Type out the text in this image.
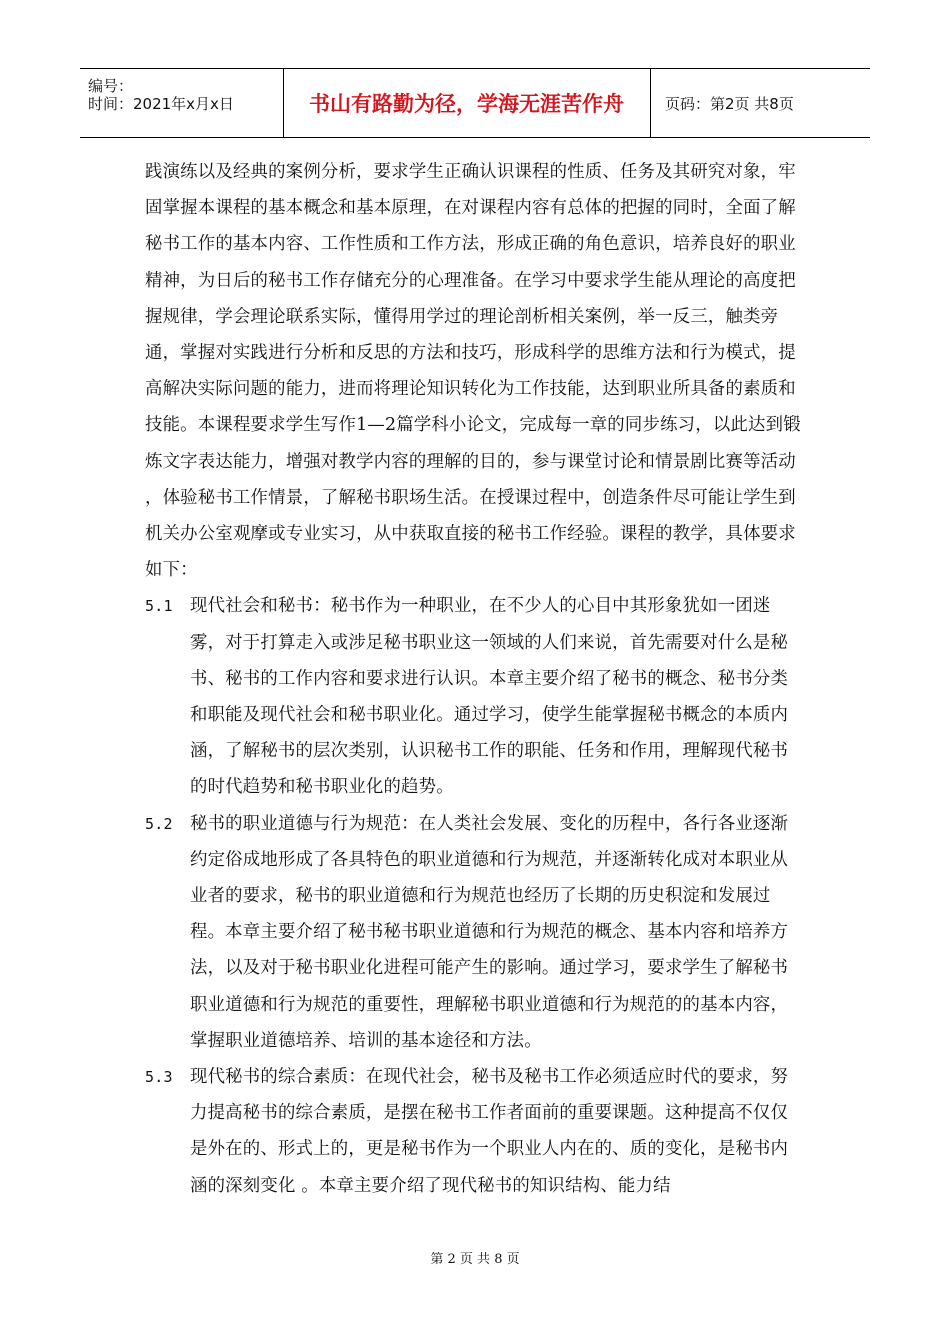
编号：
时间：2021年x月x日	书山有路勤为径，学海无涯苦作舟	页码：第2页 共8页

践演练以及经典的案例分析，要求学生正确认识课程的性质、任务及其研究对象，牢固掌握本课程的基本概念和基本原理，在对课程内容有总体的把握的同时，全面了解秘书工作的基本内容、工作性质和工作方法，形成正确的角色意识，培养良好的职业精神，为日后的秘书工作存储充分的心理准备。在学习中要求学生能从理论的高度把握规律，学会理论联系实际，懂得用学过的理论剖析相关案例，举一反三，触类旁通，掌握对实践进行分析和反思的方法和技巧，形成科学的思维方法和行为模式，提高解决实际问题的能力，进而将理论知识转化为工作技能，达到职业所具备的素质和技能。本课程要求学生写作1—2篇学科小论文，完成每一章的同步练习，以此达到锻炼文字表达能力，增强对教学内容的理解的目的，参与课堂讨论和情景剧比赛等活动 ，体验秘书工作情景，了解秘书职场生活。在授课过程中，创造条件尽可能让学生到机关办公室观摩或专业实习，从中获取直接的秘书工作经验。课程的教学，具体要求如下：

5.1 现代社会和秘书：秘书作为一种职业，在不少人的心目中其形象犹如一团迷雾，对于打算走入或涉足秘书职业这一领域的人们来说，首先需要对什么是秘书、秘书的工作内容和要求进行认识。本章主要介绍了秘书的概念、秘书分类和职能及现代社会和秘书职业化。通过学习，使学生能掌握秘书概念的本质内涵，了解秘书的层次类别，认识秘书工作的职能、任务和作用，理解现代秘书的时代趋势和秘书职业化的趋势。
5.2 秘书的职业道德与行为规范：在人类社会发展、变化的历程中，各行各业逐渐约定俗成地形成了各具特色的职业道德和行为规范，并逐渐转化成对本职业从业者的要求，秘书的职业道德和行为规范也经历了长期的历史积淀和发展过程。本章主要介绍了秘书秘书职业道德和行为规范的概念、基本内容和培养方法，以及对于秘书职业化进程可能产生的影响。通过学习，要求学生了解秘书职业道德和行为规范的重要性，理解秘书职业道德和行为规范的的基本内容，掌握职业道德培养、培训的基本途径和方法。
5.3 现代秘书的综合素质：在现代社会，秘书及秘书工作必须适应时代的要求，努力提高秘书的综合素质，是摆在秘书工作者面前的重要课题。这种提高不仅仅是外在的、形式上的，更是秘书作为一个职业人内在的、质的变化，是秘书内涵的深刻变化 。本章主要介绍了现代秘书的知识结构、能力结
第 2 页 共 8 页
